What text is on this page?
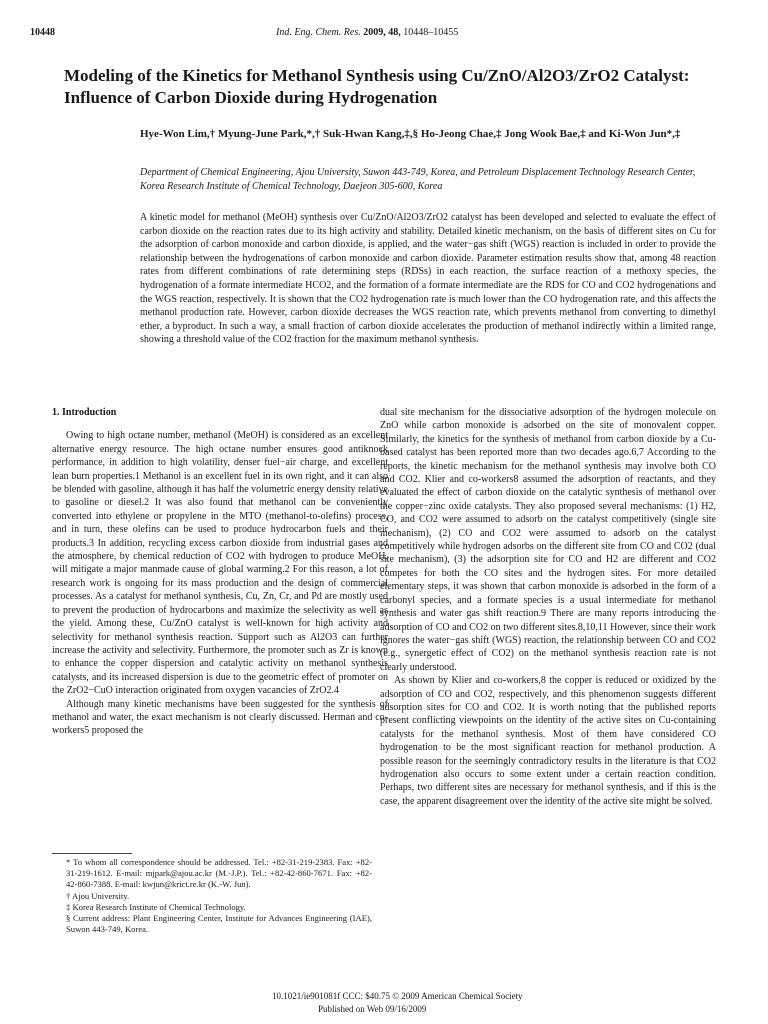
10448	Ind. Eng. Chem. Res. 2009, 48, 10448–10455
Modeling of the Kinetics for Methanol Synthesis using Cu/ZnO/Al2O3/ZrO2 Catalyst: Influence of Carbon Dioxide during Hydrogenation
Hye-Won Lim,† Myung-June Park,*,† Suk-Hwan Kang,‡,§ Ho-Jeong Chae,‡ Jong Wook Bae,‡ and Ki-Won Jun*,‡
Department of Chemical Engineering, Ajou University, Suwon 443-749, Korea, and Petroleum Displacement Technology Research Center, Korea Research Institute of Chemical Technology, Daejeon 305-600, Korea

A kinetic model for methanol (MeOH) synthesis over Cu/ZnO/Al2O3/ZrO2 catalyst has been developed and selected to evaluate the effect of carbon dioxide on the reaction rates due to its high activity and stability. Detailed kinetic mechanism, on the basis of different sites on Cu for the adsorption of carbon monoxide and carbon dioxide, is applied, and the water−gas shift (WGS) reaction is included in order to provide the relationship between the hydrogenations of carbon monoxide and carbon dioxide. Parameter estimation results show that, among 48 reaction rates from different combinations of rate determining steps (RDSs) in each reaction, the surface reaction of a methoxy species, the hydrogenation of a formate intermediate HCO2, and the formation of a formate intermediate are the RDS for CO and CO2 hydrogenations and the WGS reaction, respectively. It is shown that the CO2 hydrogenation rate is much lower than the CO hydrogenation rate, and this affects the methanol production rate. However, carbon dioxide decreases the WGS reaction rate, which prevents methanol from converting to dimethyl ether, a byproduct. In such a way, a small fraction of carbon dioxide accelerates the production of methanol indirectly within a limited range, showing a threshold value of the CO2 fraction for the maximum methanol synthesis.

1. Introduction

Owing to high octane number, methanol (MeOH) is considered as an excellent alternative energy resource. The high octane number ensures good antiknock performance, in addition to high volatility, denser fuel−air charge, and excellent lean burn properties.1 Methanol is an excellent fuel in its own right, and it can also be blended with gasoline, although it has half the volumetric energy density relative to gasoline or diesel.2 It was also found that methanol can be conveniently converted into ethylene or propylene in the MTO (methanol-to-olefins) process, and in turn, these olefins can be used to produce hydrocarbon fuels and their products.3 In addition, recycling excess carbon dioxide from industrial gases and the atmosphere, by chemical reduction of CO2 with hydrogen to produce MeOH, will mitigate a major manmade cause of global warming.2 For this reason, a lot of research work is ongoing for its mass production and the design of commercial processes. As a catalyst for methanol synthesis, Cu, Zn, Cr, and Pd are mostly used to prevent the production of hydrocarbons and maximize the selectivity as well as the yield. Among these, Cu/ZnO catalyst is well-known for high activity and selectivity for methanol synthesis reaction. Support such as Al2O3 can further increase the activity and selectivity. Furthermore, the promoter such as Zr is known to enhance the copper dispersion and catalytic activity on methanol synthesis catalysts, and its increased dispersion is due to the geometric effect of promoter on the ZrO2−CuO interaction originated from oxygen vacancies of ZrO2.4

Although many kinetic mechanisms have been suggested for the synthesis of methanol and water, the exact mechanism is not clearly discussed. Herman and co-workers5 proposed the

dual site mechanism for the dissociative adsorption of the hydrogen molecule on ZnO while carbon monoxide is adsorbed on the site of monovalent copper. Similarly, the kinetics for the synthesis of methanol from carbon dioxide by a Cu-based catalyst has been reported more than two decades ago.6,7 According to the reports, the kinetic mechanism for the methanol synthesis may involve both CO and CO2. Klier and co-workers8 assumed the adsorption of reactants, and they evaluated the effect of carbon dioxide on the catalytic synthesis of methanol over the copper−zinc oxide catalysts. They also proposed several mechanisms: (1) H2, CO, and CO2 were assumed to adsorb on the catalyst competitively (single site mechanism), (2) CO and CO2 were assumed to adsorb on the catalyst competitively while hydrogen adsorbs on the different site from CO and CO2 (dual site mechanism), (3) the adsorption site for CO and H2 are different and CO2 competes for both the CO sites and the hydrogen sites. For more detailed elementary steps, it was shown that carbon monoxide is adsorbed in the form of a carbonyl species, and a formate species is a usual intermediate for methanol synthesis and water gas shift reaction.9 There are many reports introducing the adsorption of CO and CO2 on two different sites.8,10,11 However, since their work ignores the water−gas shift (WGS) reaction, the relationship between CO and CO2 (e.g., synergetic effect of CO2) on the methanol synthesis reaction rate is not clearly understood.

As shown by Klier and co-workers,8 the copper is reduced or oxidized by the adsorption of CO and CO2, respectively, and this phenomenon suggests different adsorption sites for CO and CO2. It is worth noting that the published reports present conflicting viewpoints on the identity of the active sites on Cu-containing catalysts for the methanol synthesis. Most of them have considered CO hydrogenation to be the most significant reaction for methanol production. A possible reason for the seemingly contradictory results in the literature is that CO2 hydrogenation also occurs to some extent under a certain reaction condition. Perhaps, two different sites are necessary for methanol synthesis, and if this is the case, the apparent disagreement over the identity of the active site might be solved.

* To whom all correspondence should be addressed. Tel.: +82-31-219-2383. Fax: +82-31-219-1612. E-mail: mjpark@ajou.ac.kr (M.-J.P.). Tel.: +82-42-860-7671. Fax: +82-42-860-7388. E-mail: kwjun@krict.re.kr (K.-W. Jun).
† Ajou University.
‡ Korea Research Institute of Chemical Technology.
§ Current address: Plant Engineering Center, Institute for Advances Engineering (IAE), Suwon 443-749, Korea.
10.1021/ie901081f CCC: $40.75 © 2009 American Chemical Society
Published on Web 09/16/2009
